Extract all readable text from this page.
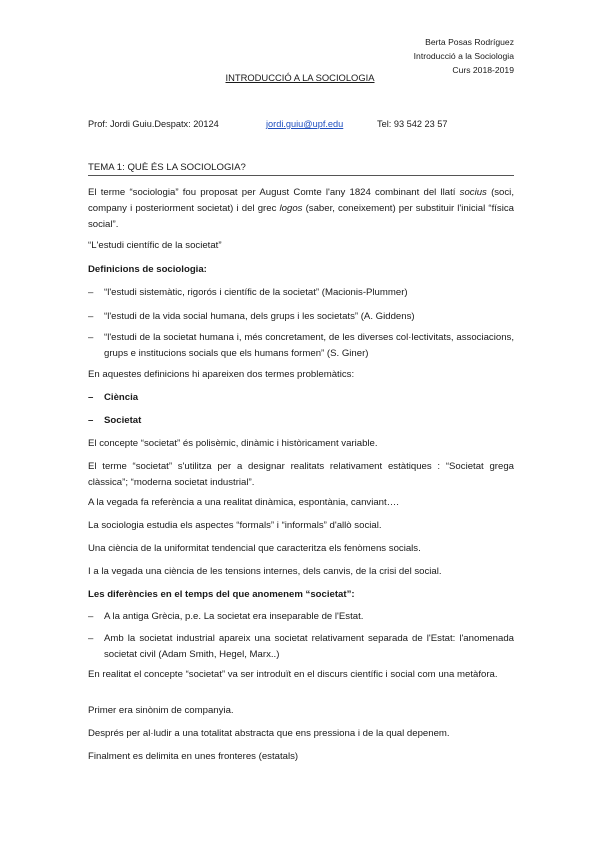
Berta Posas Rodríguez
Introducció a la Sociologia
Curs 2018-2019
INTRODUCCIÓ A LA SOCIOLOGIA
Prof: Jordi Guiu.Despatx: 20124	jordi.guiu@upf.edu	Tel: 93 542 23 57
TEMA 1: QUÈ ÉS LA SOCIOLOGIA?
El terme “sociologia” fou proposat per August Comte l'any 1824 combinant del llatí socius (soci, company i posteriorment societat) i del grec logos (saber, coneixement) per substituir l'inicial “física social”.
“L'estudi científic de la societat”
Definicions de sociologia:
– “l'estudi sistemàtic, rigorós i científic de la societat” (Macionis-Plummer)
– “l'estudi de la vida social humana, dels grups i les societats” (A. Giddens)
– “l'estudi de la societat humana i, més concretament, de les diverses col·lectivitats, associacions, grups e institucions socials que els humans formen” (S. Giner)
En aquestes definicions hi apareixen dos termes problemàtics:
– Ciència
– Societat
El concepte “societat” és polisèmic, dinàmic i històricament variable.
El terme “societat” s'utilitza per a designar realitats relativament estàtiques : “Societat grega clàssica”; “moderna societat industrial”.
A la vegada fa referència a una realitat dinàmica, espontània, canviant….
La sociologia estudia els aspectes “formals” i “informals” d'allò social.
Una ciència de la uniformitat tendencial que caracteritza els fenòmens socials.
I a la vegada una ciència de les tensions internes, dels canvis, de la crisi del social.
Les diferències en el temps del que anomenem “societat”:
– A la antiga Grècia, p.e. La societat era inseparable de l'Estat.
– Amb la societat industrial apareix una societat relativament separada de l'Estat: l'anomenada societat civil (Adam Smith, Hegel, Marx..)
En realitat el concepte “societat” va ser introduït en el discurs científic i social com una metàfora.
Primer era sinònim de companyia.
Després per al·ludir a una totalitat abstracta que ens pressiona i de la qual depenem.
Finalment es delimita en unes fronteres (estatals)
